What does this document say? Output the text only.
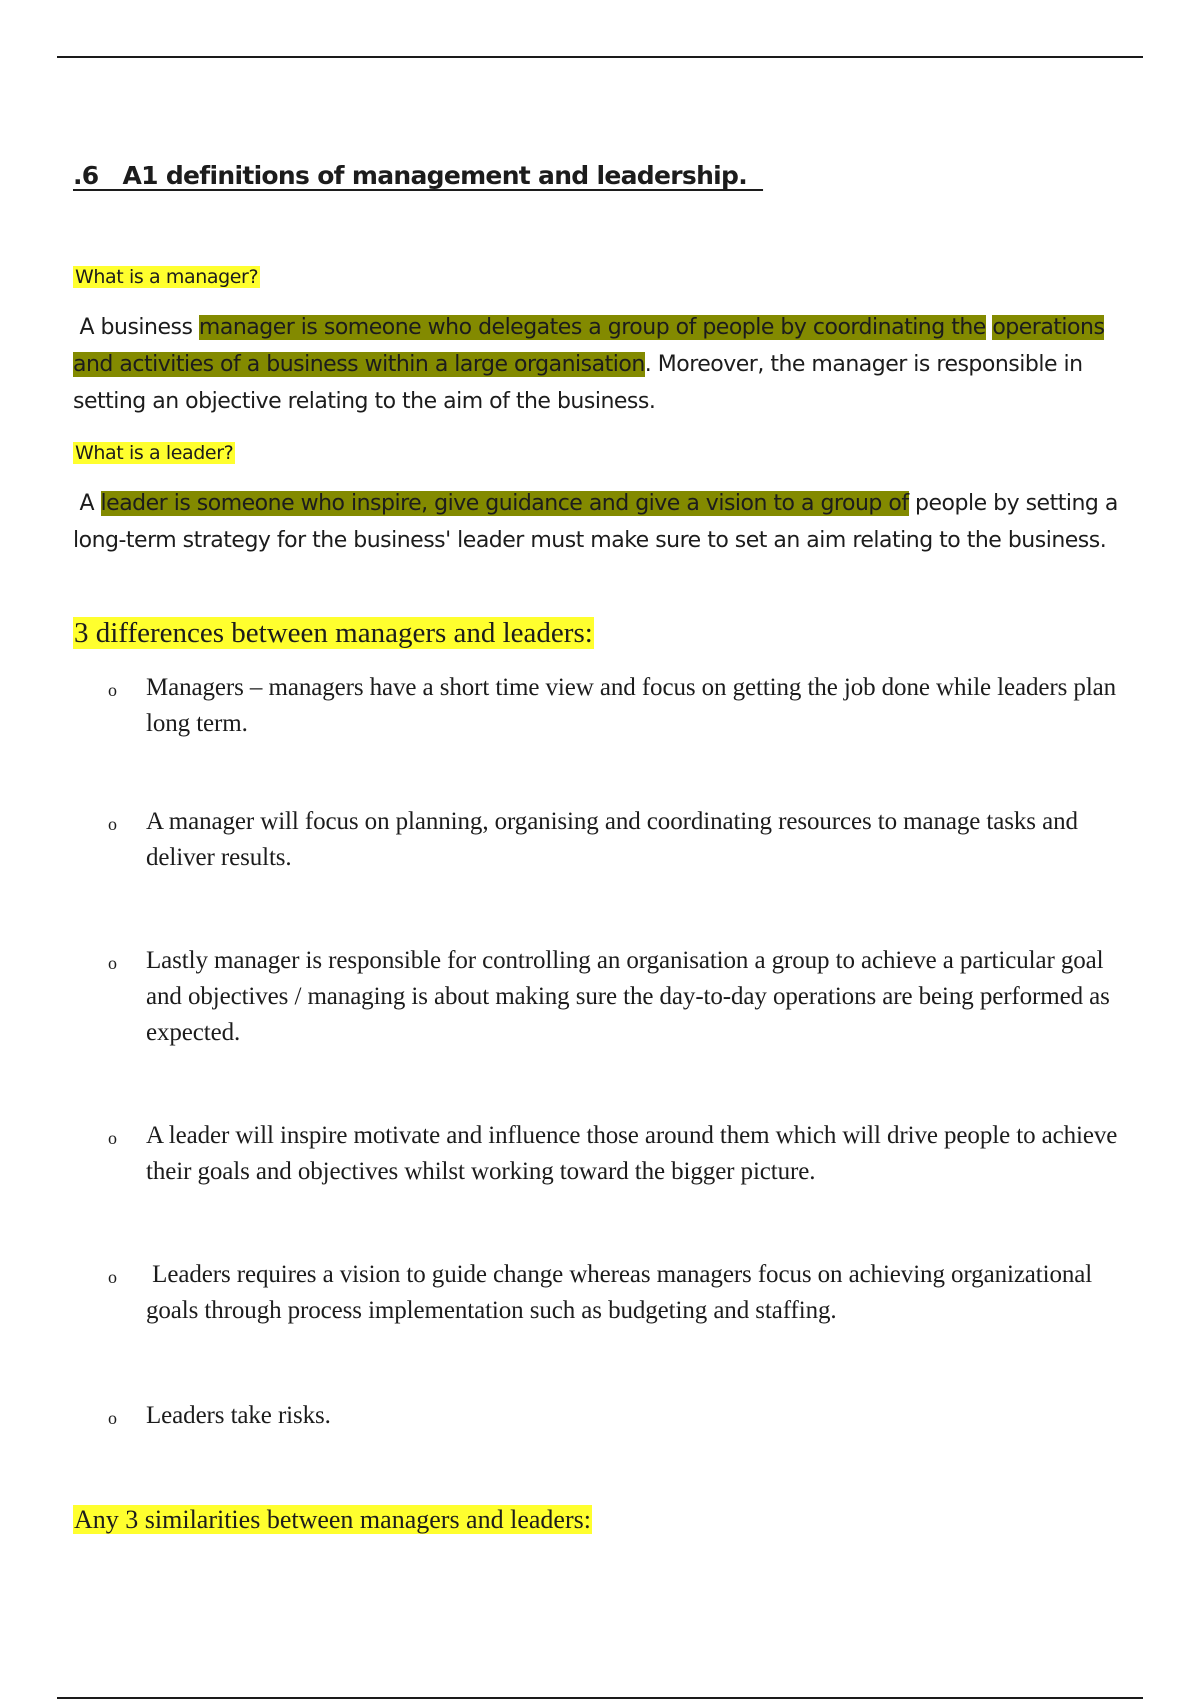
.6   A1 definitions of management and leadership.

What is a manager?

A business manager is someone who delegates a group of people by coordinating the operations and activities of a business within a large organisation. Moreover, the manager is responsible in setting an objective relating to the aim of the business.

What is a leader?

A leader is someone who inspire, give guidance and give a vision to a group of people by setting a long-term strategy for the business' leader must make sure to set an aim relating to the business.

3 differences between managers and leaders:
o	Managers – managers have a short time view and focus on getting the job done while leaders plan long term.
o	A manager will focus on planning, organising and coordinating resources to manage tasks and deliver results.
o	Lastly manager is responsible for controlling an organisation a group to achieve a particular goal and objectives / managing is about making sure the day-to-day operations are being performed as expected.
o	A leader will inspire motivate and influence those around them which will drive people to achieve their goals and objectives whilst working toward the bigger picture.
o	Leaders requires a vision to guide change whereas managers focus on achieving organizational goals through process implementation such as budgeting and staffing.
o	Leaders take risks.
Any 3 similarities between managers and leaders:
